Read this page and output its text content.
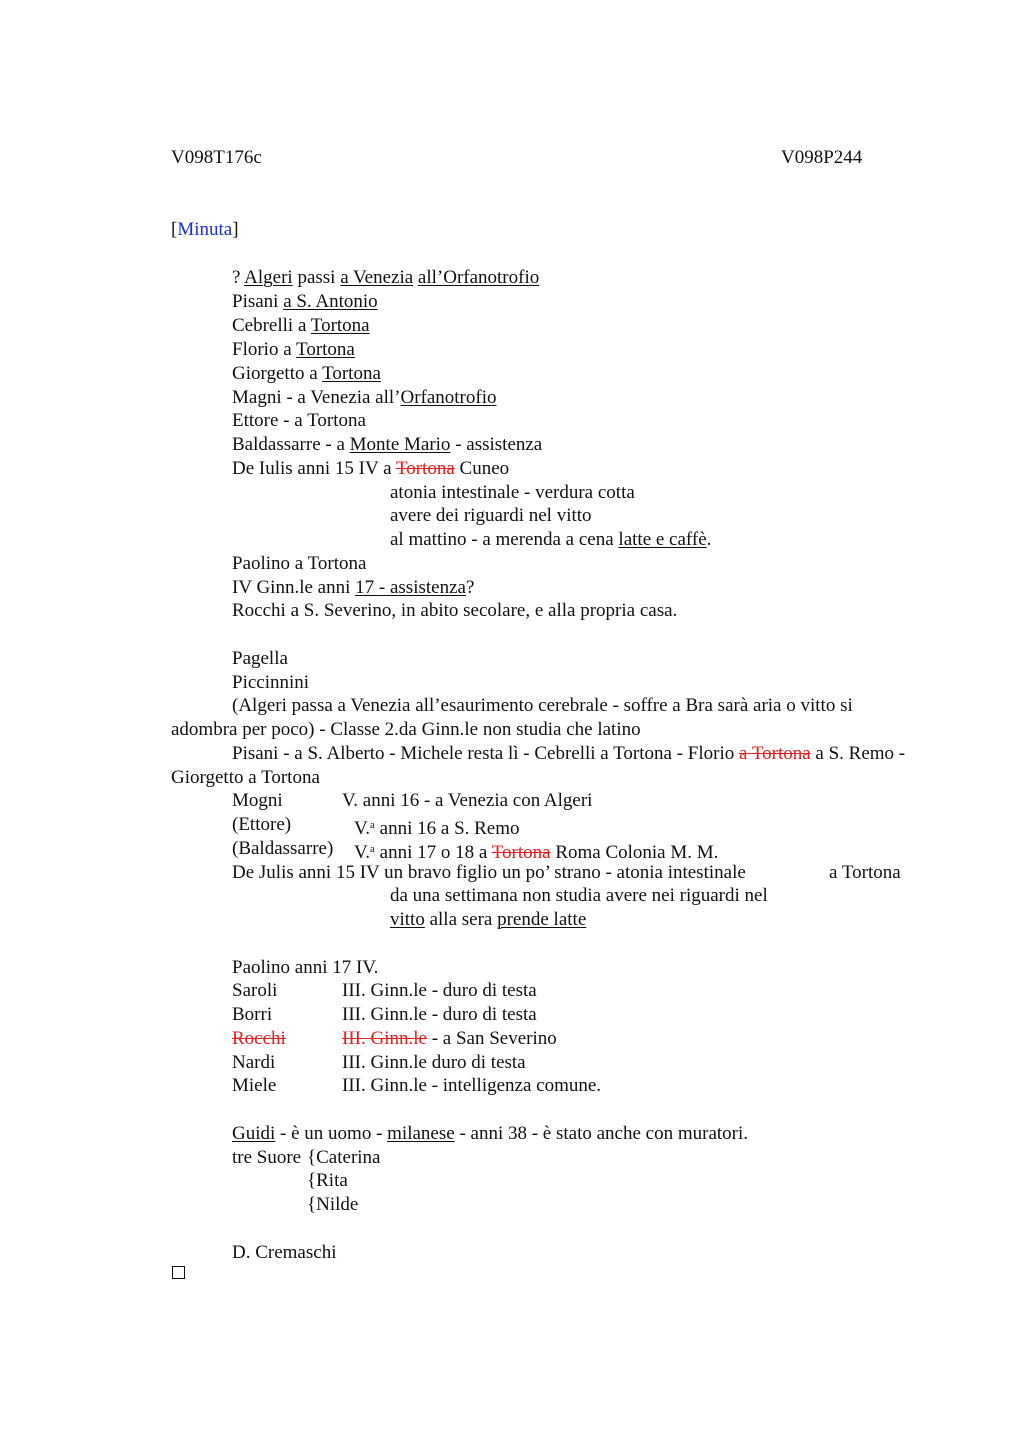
V098T176c	V098P244
[Minuta]
? Algeri passi a Venezia all’Orfanotrofio
Pisani a S. Antonio
Cebrelli a Tortona
Florio a Tortona
Giorgetto a Tortona
Magni - a Venezia all’Orfanotrofio
Ettore - a Tortona
Baldassarre - a Monte Mario - assistenza
De Iulis anni 15 IV a Tortona Cuneo
atonia intestinale - verdura cotta
avere dei riguardi nel vitto
al mattino - a merenda a cena latte e caffè.
Paolino a Tortona
IV Ginn.le anni 17 - assistenza?
Rocchi a S. Severino, in abito secolare, e alla propria casa.
Pagella
Piccinnini
(Algeri passa a Venezia all’esaurimento cerebrale - soffre a Bra sarà aria o vitto si adombra per poco) - Classe 2.da Ginn.le non studia che latino
Pisani - a S. Alberto - Michele resta lì - Cebrelli a Tortona - Florio a Tortona a S. Remo - Giorgetto a Tortona
Mogni	V. anni 16 - a Venezia con Algeri
(Ettore)	V.$^a$ anni 16 a S. Remo
(Baldassarre) V.$^a$ anni 17 o 18 a Tortona Roma Colonia M. M.
De Julis anni 15 IV un bravo figlio un po’ strano - atonia intestinale	a Tortona
da una settimana non studia avere nei riguardi nel
vitto alla sera prende latte
Paolino anni 17 IV.
Saroli	III. Ginn.le - duro di testa
Borri	III. Ginn.le - duro di testa
Rocchi	III. Ginn.le - a San Severino
Nardi	III. Ginn.le duro di testa
Miele	III. Ginn.le - intelligenza comune.
Guidi - è un uomo - milanese - anni 38 - è stato anche con muratori.
tre Suore {Caterina
{Rita
{Nilde
D. Cremaschi
